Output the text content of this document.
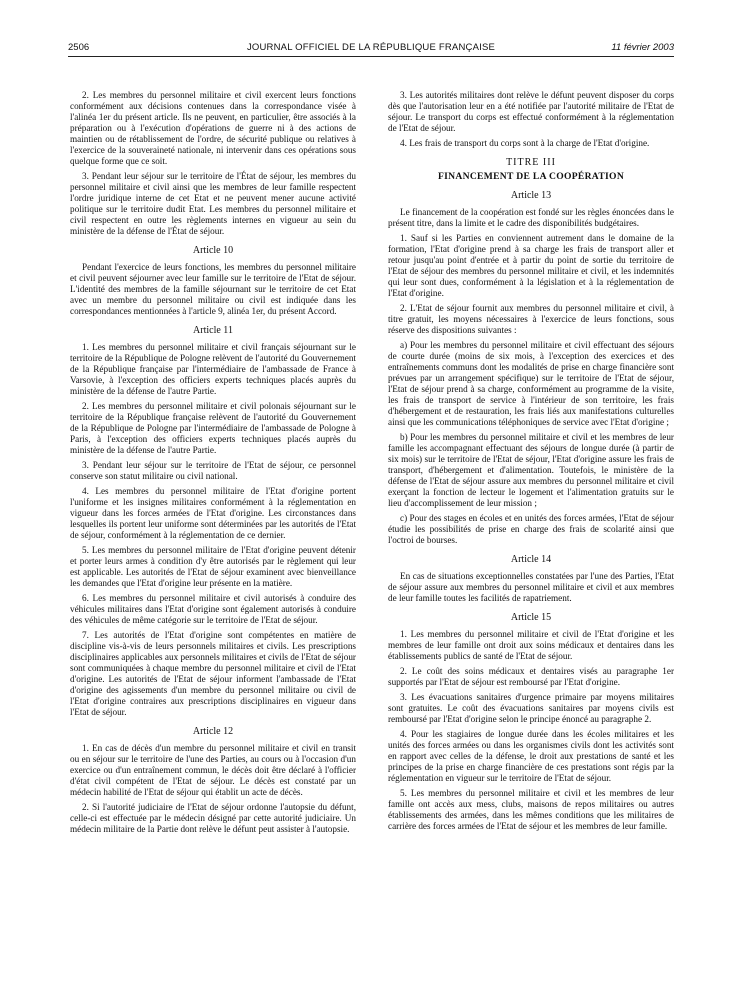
2506	JOURNAL OFFICIEL DE LA RÉPUBLIQUE FRANÇAISE	11 février 2003

2. Les membres du personnel militaire et civil exercent leurs fonctions conformément aux décisions contenues dans la correspondance visée à l'alinéa 1er du présent article. Ils ne peuvent, en particulier, être associés à la préparation ou à l'exécution d'opérations de guerre ni à des actions de maintien ou de rétablissement de l'ordre, de sécurité publique ou relatives à l'exercice de la souveraineté nationale, ni intervenir dans ces opérations sous quelque forme que ce soit.

3. Pendant leur séjour sur le territoire de l'État de séjour, les membres du personnel militaire et civil ainsi que les membres de leur famille respectent l'ordre juridique interne de cet Etat et ne peuvent mener aucune activité politique sur le territoire dudit Etat. Les membres du personnel militaire et civil respectent en outre les règlements internes en vigueur au sein du ministère de la défense de l'État de séjour.

Article 10

Pendant l'exercice de leurs fonctions, les membres du personnel militaire et civil peuvent séjourner avec leur famille sur le territoire de l'Etat de séjour. L'identité des membres de la famille séjournant sur le territoire de cet Etat avec un membre du personnel militaire ou civil est indiquée dans les correspondances mentionnées à l'article 9, alinéa 1er, du présent Accord.

Article 11

1. Les membres du personnel militaire et civil français séjournant sur le territoire de la République de Pologne relèvent de l'autorité du Gouvernement de la République française par l'intermédiaire de l'ambassade de France à Varsovie, à l'exception des officiers experts techniques placés auprès du ministère de la défense de l'autre Partie.

2. Les membres du personnel militaire et civil polonais séjournant sur le territoire de la République française relèvent de l'autorité du Gouvernement de la République de Pologne par l'intermédiaire de l'ambassade de Pologne à Paris, à l'exception des officiers experts techniques placés auprès du ministère de la défense de l'autre Partie.

3. Pendant leur séjour sur le territoire de l'Etat de séjour, ce personnel conserve son statut militaire ou civil national.

4. Les membres du personnel militaire de l'Etat d'origine portent l'uniforme et les insignes militaires conformément à la réglementation en vigueur dans les forces armées de l'Etat d'origine. Les circonstances dans lesquelles ils portent leur uniforme sont déterminées par les autorités de l'Etat de séjour, conformément à la réglementation de ce dernier.

5. Les membres du personnel militaire de l'Etat d'origine peuvent détenir et porter leurs armes à condition d'y être autorisés par le règlement qui leur est applicable. Les autorités de l'Etat de séjour examinent avec bienveillance les demandes que l'Etat d'origine leur présente en la matière.

6. Les membres du personnel militaire et civil autorisés à conduire des véhicules militaires dans l'Etat d'origine sont également autorisés à conduire des véhicules de même catégorie sur le territoire de l'Etat de séjour.

7. Les autorités de l'Etat d'origine sont compétentes en matière de discipline vis-à-vis de leurs personnels militaires et civils. Les prescriptions disciplinaires applicables aux personnels militaires et civils de l'Etat de séjour sont communiquées à chaque membre du personnel militaire et civil de l'Etat d'origine. Les autorités de l'Etat de séjour informent l'ambassade de l'Etat d'origine des agissements d'un membre du personnel militaire ou civil de l'Etat d'origine contraires aux prescriptions disciplinaires en vigueur dans l'Etat de séjour.

Article 12

1. En cas de décès d'un membre du personnel militaire et civil en transit ou en séjour sur le territoire de l'une des Parties, au cours ou à l'occasion d'un exercice ou d'un entraînement commun, le décès doit être déclaré à l'officier d'état civil compétent de l'Etat de séjour. Le décès est constaté par un médecin habilité de l'Etat de séjour qui établit un acte de décès.

2. Si l'autorité judiciaire de l'Etat de séjour ordonne l'autopsie du défunt, celle-ci est effectuée par le médecin désigné par cette autorité judiciaire. Un médecin militaire de la Partie dont relève le défunt peut assister à l'autopsie.

3. Les autorités militaires dont relève le défunt peuvent disposer du corps dès que l'autorisation leur en a été notifiée par l'autorité militaire de l'Etat de séjour. Le transport du corps est effectué conformément à la réglementation de l'Etat de séjour.

4. Les frais de transport du corps sont à la charge de l'Etat d'origine.

TITRE III
FINANCEMENT DE LA COOPÉRATION
Article 13

Le financement de la coopération est fondé sur les règles énoncées dans le présent titre, dans la limite et le cadre des disponibilités budgétaires.

1. Sauf si les Parties en conviennent autrement dans le domaine de la formation, l'Etat d'origine prend à sa charge les frais de transport aller et retour jusqu'au point d'entrée et à partir du point de sortie du territoire de l'Etat de séjour des membres du personnel militaire et civil, et les indemnités qui leur sont dues, conformément à la législation et à la réglementation de l'Etat d'origine.

2. L'Etat de séjour fournit aux membres du personnel militaire et civil, à titre gratuit, les moyens nécessaires à l'exercice de leurs fonctions, sous réserve des dispositions suivantes :

a) Pour les membres du personnel militaire et civil effectuant des séjours de courte durée (moins de six mois, à l'exception des exercices et des entraînements communs dont les modalités de prise en charge financière sont prévues par un arrangement spécifique) sur le territoire de l'Etat de séjour, l'Etat de séjour prend à sa charge, conformément au programme de la visite, les frais de transport de service à l'intérieur de son territoire, les frais d'hébergement et de restauration, les frais liés aux manifestations culturelles ainsi que les communications téléphoniques de service avec l'Etat d'origine ;

b) Pour les membres du personnel militaire et civil et les membres de leur famille les accompagnant effectuant des séjours de longue durée (à partir de six mois) sur le territoire de l'Etat de séjour, l'Etat d'origine assure les frais de transport, d'hébergement et d'alimentation. Toutefois, le ministère de la défense de l'Etat de séjour assure aux membres du personnel militaire et civil exerçant la fonction de lecteur le logement et l'alimentation gratuits sur le lieu d'accomplissement de leur mission ;

c) Pour des stages en écoles et en unités des forces armées, l'Etat de séjour étudie les possibilités de prise en charge des frais de scolarité ainsi que l'octroi de bourses.

Article 14

En cas de situations exceptionnelles constatées par l'une des Parties, l'Etat de séjour assure aux membres du personnel militaire et civil et aux membres de leur famille toutes les facilités de rapatriement.

Article 15

1. Les membres du personnel militaire et civil de l'Etat d'origine et les membres de leur famille ont droit aux soins médicaux et dentaires dans les établissements publics de santé de l'Etat de séjour.

2. Le coût des soins médicaux et dentaires visés au paragraphe 1er supportés par l'Etat de séjour est remboursé par l'Etat d'origine.

3. Les évacuations sanitaires d'urgence primaire par moyens militaires sont gratuites. Le coût des évacuations sanitaires par moyens civils est remboursé par l'Etat d'origine selon le principe énoncé au paragraphe 2.

4. Pour les stagiaires de longue durée dans les écoles militaires et les unités des forces armées ou dans les organismes civils dont les activités sont en rapport avec celles de la défense, le droit aux prestations de santé et les principes de la prise en charge financière de ces prestations sont régis par la réglementation en vigueur sur le territoire de l'Etat de séjour.

5. Les membres du personnel militaire et civil et les membres de leur famille ont accès aux mess, clubs, maisons de repos militaires ou autres établissements des armées, dans les mêmes conditions que les militaires de carrière des forces armées de l'Etat de séjour et les membres de leur famille.
